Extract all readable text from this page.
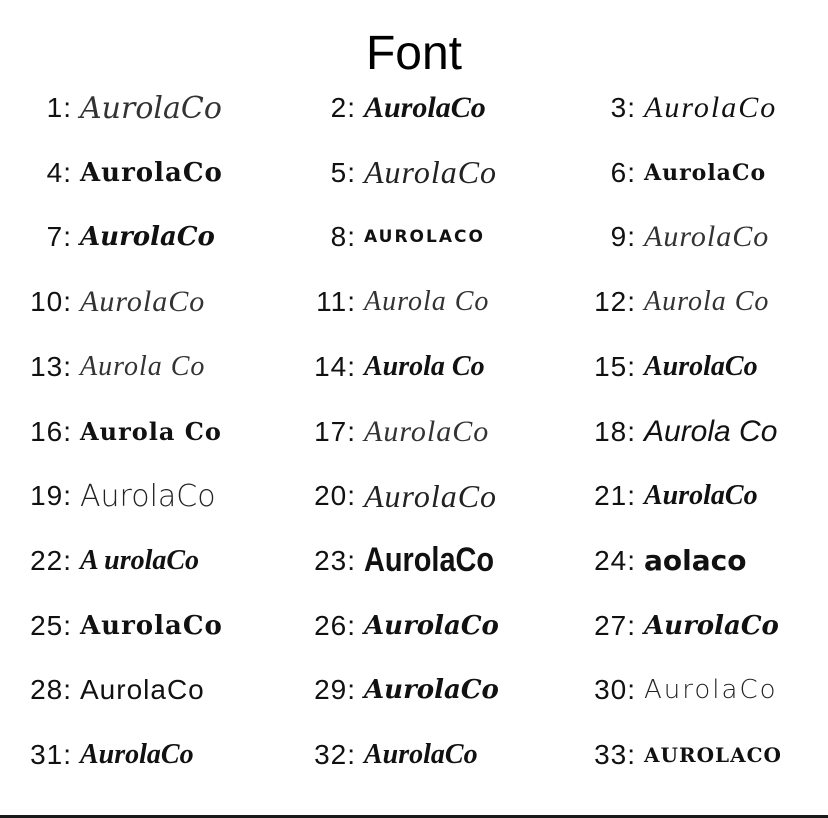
Font
1: AurolaCo	2: AurolaCo	3: AurolaCo
4: AurolaCo	5: AurolaCo	6: AurolaCo
7: AurolaCo	8: AUROLACO	9: AurolaCo
10: AurolaCo	11: Aurola Co	12: Aurola Co
13: Aurola Co	14: Aurola Co	15: AurolaCo
16: Aurola Co	17: AurolaCo	18: Aurola Co
19: AurolaCo	20: AurolaCo	21: AurolaCo
22: A urolaCo	23: AurolaCo	24: aolaco
25: AurolaCo	26: AurolaCo	27: AurolaCo
28: AurolaCo	29: AurolaCo	30: AurolaCo
31: AurolaCo	32: AurolaCo	33: AUROLACO
